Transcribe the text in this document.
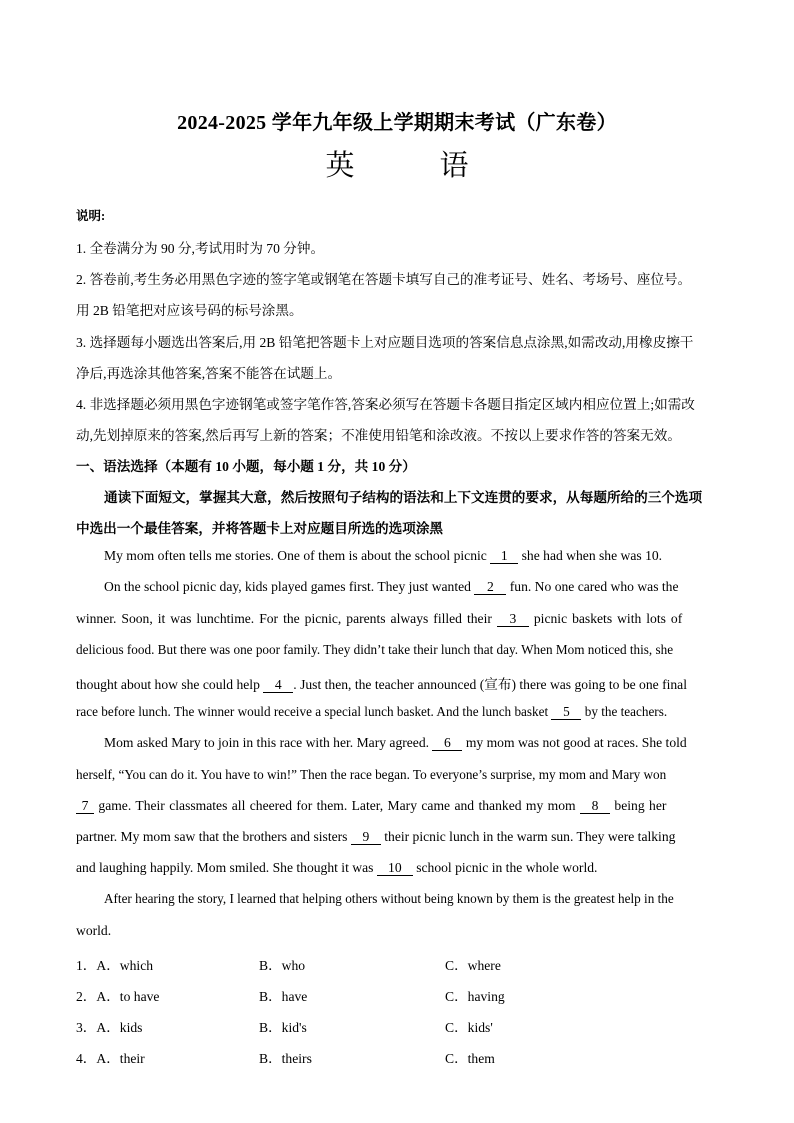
2024-2025 学年九年级上学期期末考试（广东卷）
英　语
说明:
1. 全卷满分为 90 分,考试用时为 70 分钟。
2. 答卷前,考生务必用黑色字迹的签字笔或钢笔在答题卡填写自己的准考证号、姓名、考场号、座位号。
用 2B 铅笔把对应该号码的标号涂黑。
3. 选择题每小题选出答案后,用 2B 铅笔把答题卡上对应题目选项的答案信息点涂黑,如需改动,用橡皮擦干
净后,再选涂其他答案,答案不能答在试题上。
4. 非选择题必须用黑色字迹钢笔或签字笔作答,答案必须写在答题卡各题目指定区域内相应位置上;如需改
动,先划掉原来的答案,然后再写上新的答案；不准使用铅笔和涂改液。不按以上要求作答的答案无效。
一、语法选择（本题有 10 小题，每小题 1 分，共 10 分）
通读下面短文，掌握其大意，然后按照句子结构的语法和上下文连贯的要求，从每题所给的三个选项
中选出一个最佳答案，并将答题卡上对应题目所选的选项涂黑
My mom often tells me stories. One of them is about the school picnic 1 she had when she was 10.
On the school picnic day, kids played games first. They just wanted 2 fun. No one cared who was the
winner. Soon, it was lunchtime. For the picnic, parents always filled their 3 picnic baskets with lots of
delicious food. But there was one poor family. They didn’t take their lunch that day. When Mom noticed this, she
thought about how she could help 4 . Just then, the teacher announced (宣布) there was going to be one final
race before lunch. The winner would receive a special lunch basket. And the lunch basket 5 by the teachers.
Mom asked Mary to join in this race with her. Mary agreed. 6 my mom was not good at races. She told
herself, “You can do it. You have to win!” Then the race began. To everyone’s surprise, my mom and Mary won
7 game. Their classmates all cheered for them. Later, Mary came and thanked my mom 8 being her
partner. My mom saw that the brothers and sisters 9 their picnic lunch in the warm sun. They were talking
and laughing happily. Mom smiled. She thought it was 10 school picnic in the whole world.
After hearing the story, I learned that helping others without being known by them is the greatest help in the
world.
1．A．which	B．who	C．where
2．A．to have	B．have	C．having
3．A．kids	B．kid's	C．kids'
4．A．their	B．theirs	C．them
